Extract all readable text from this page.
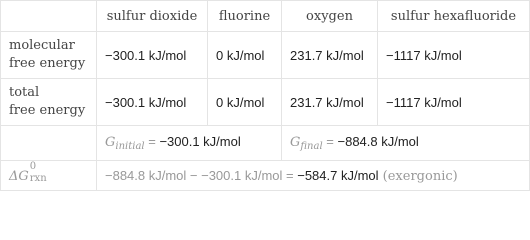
	sulfur dioxide	fluorine	oxygen	sulfur hexafluoride
molecular
free energy	−300.1 kJ/mol	0 kJ/mol	231.7 kJ/mol	−1117 kJ/mol
total
free energy	−300.1 kJ/mol	0 kJ/mol	231.7 kJ/mol	−1117 kJ/mol
	$G_{initial} = -300.1$ kJ/mol		$G_{final} = -884.8$ kJ/mol	
ΔG
0
rxn	−884.8 kJ/mol − −300.1 kJ/mol = −584.7 kJ/mol (exergonic)			
